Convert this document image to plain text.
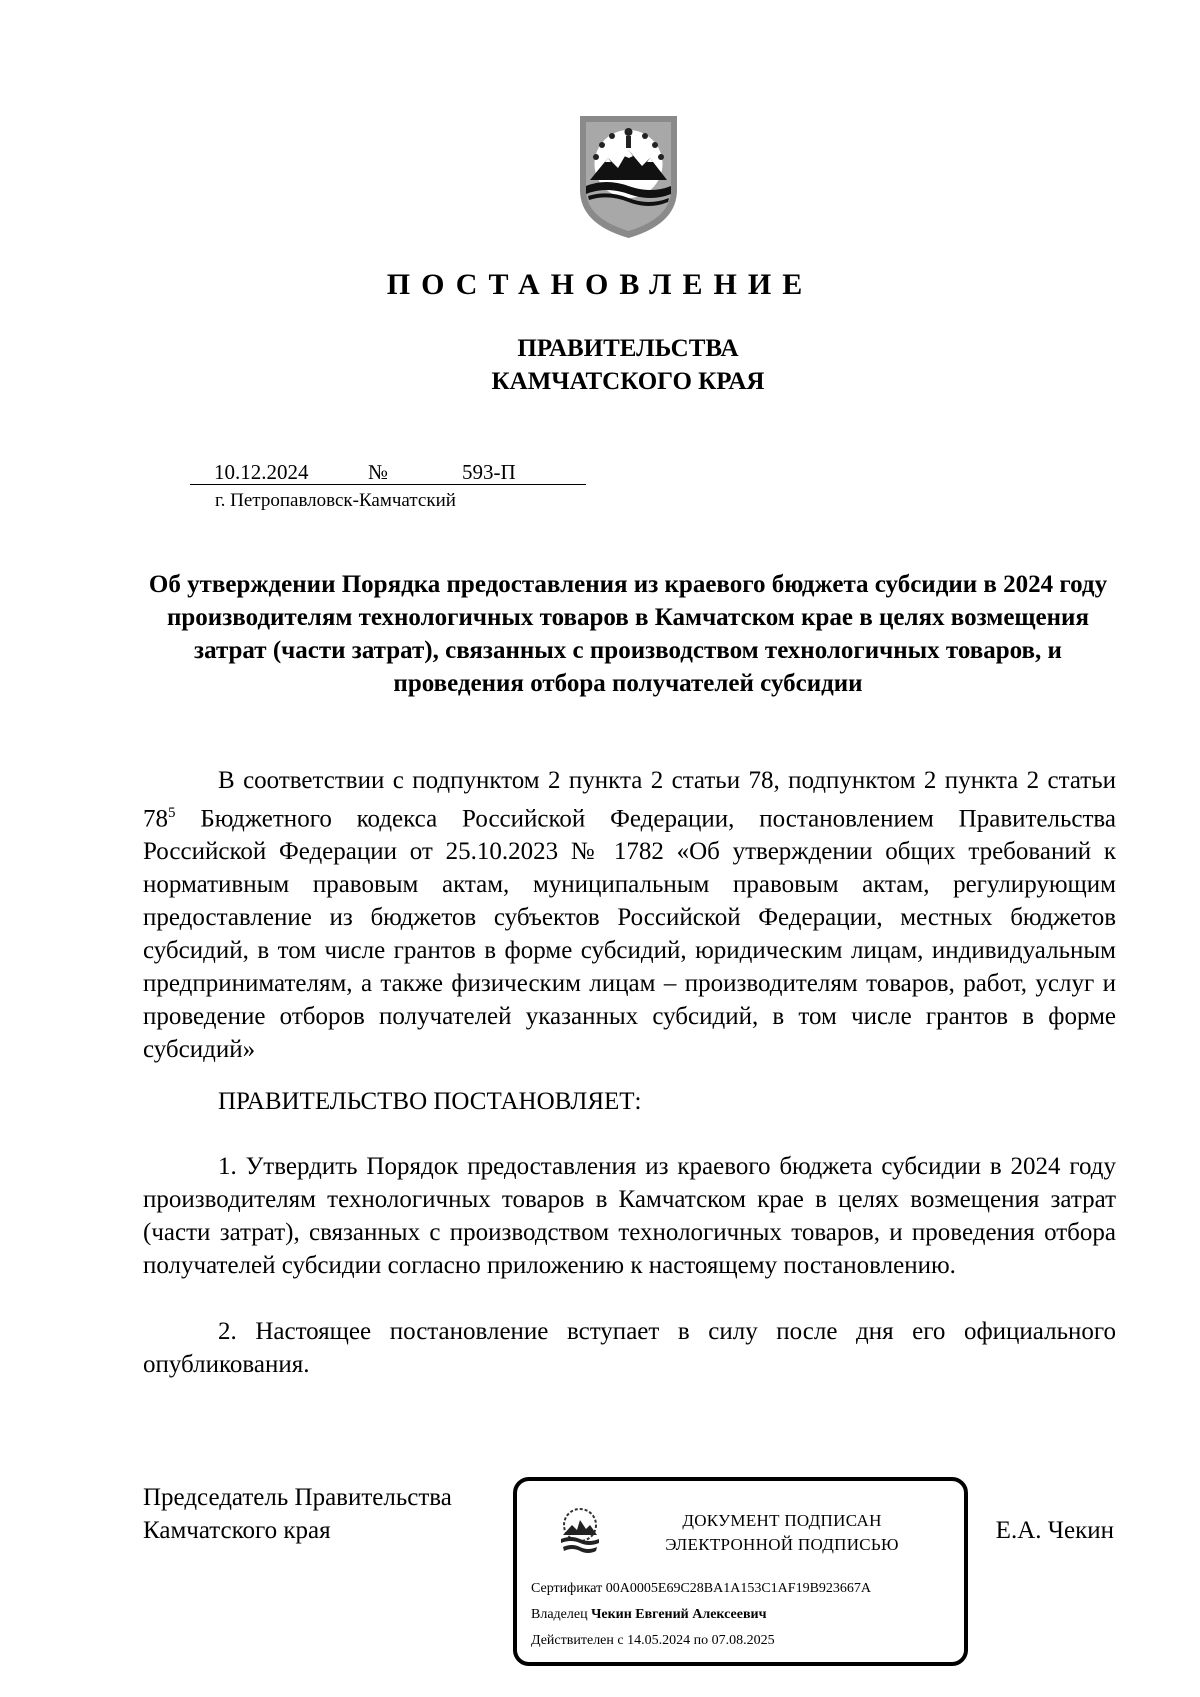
ПОСТАНОВЛЕНИЕ
ПРАВИТЕЛЬСТВА
КАМЧАТСКОГО КРАЯ
10.12.2024	№	593-П
г. Петропавловск-Камчатский
Об утверждении Порядка предоставления из краевого бюджета субсидии в 2024 году производителям технологичных товаров в Камчатском крае в целях возмещения затрат (части затрат), связанных с производством технологичных товаров, и проведения отбора получателей субсидии
В соответствии с подпунктом 2 пункта 2 статьи 78, подпунктом 2 пункта 2 статьи $78^5$ Бюджетного кодекса Российской Федерации, постановлением Правительства Российской Федерации от 25.10.2023 № 1782 «Об утверждении общих требований к нормативным правовым актам, муниципальным правовым актам, регулирующим предоставление из бюджетов субъектов Российской Федерации, местных бюджетов субсидий, в том числе грантов в форме субсидий, юридическим лицам, индивидуальным предпринимателям, а также физическим лицам – производителям товаров, работ, услуг и проведение отборов получателей указанных субсидий, в том числе грантов в форме субсидий»
ПРАВИТЕЛЬСТВО ПОСТАНОВЛЯЕТ:
1. Утвердить Порядок предоставления из краевого бюджета субсидии в 2024 году производителям технологичных товаров в Камчатском крае в целях возмещения затрат (части затрат), связанных с производством технологичных товаров, и проведения отбора получателей субсидии согласно приложению к настоящему постановлению.
2. Настоящее постановление вступает в силу после дня его официального опубликования.
Председатель Правительства
Камчатского края	ДОКУМЕНТ ПОДПИСАН
ЭЛЕКТРОННОЙ ПОДПИСЬЮ
Сертификат 00A0005E69C28BA1A153C1AF19B923667A
Владелец Чекин Евгений Алексеевич
Действителен с 14.05.2024 по 07.08.2025
Е.А. Чекин
